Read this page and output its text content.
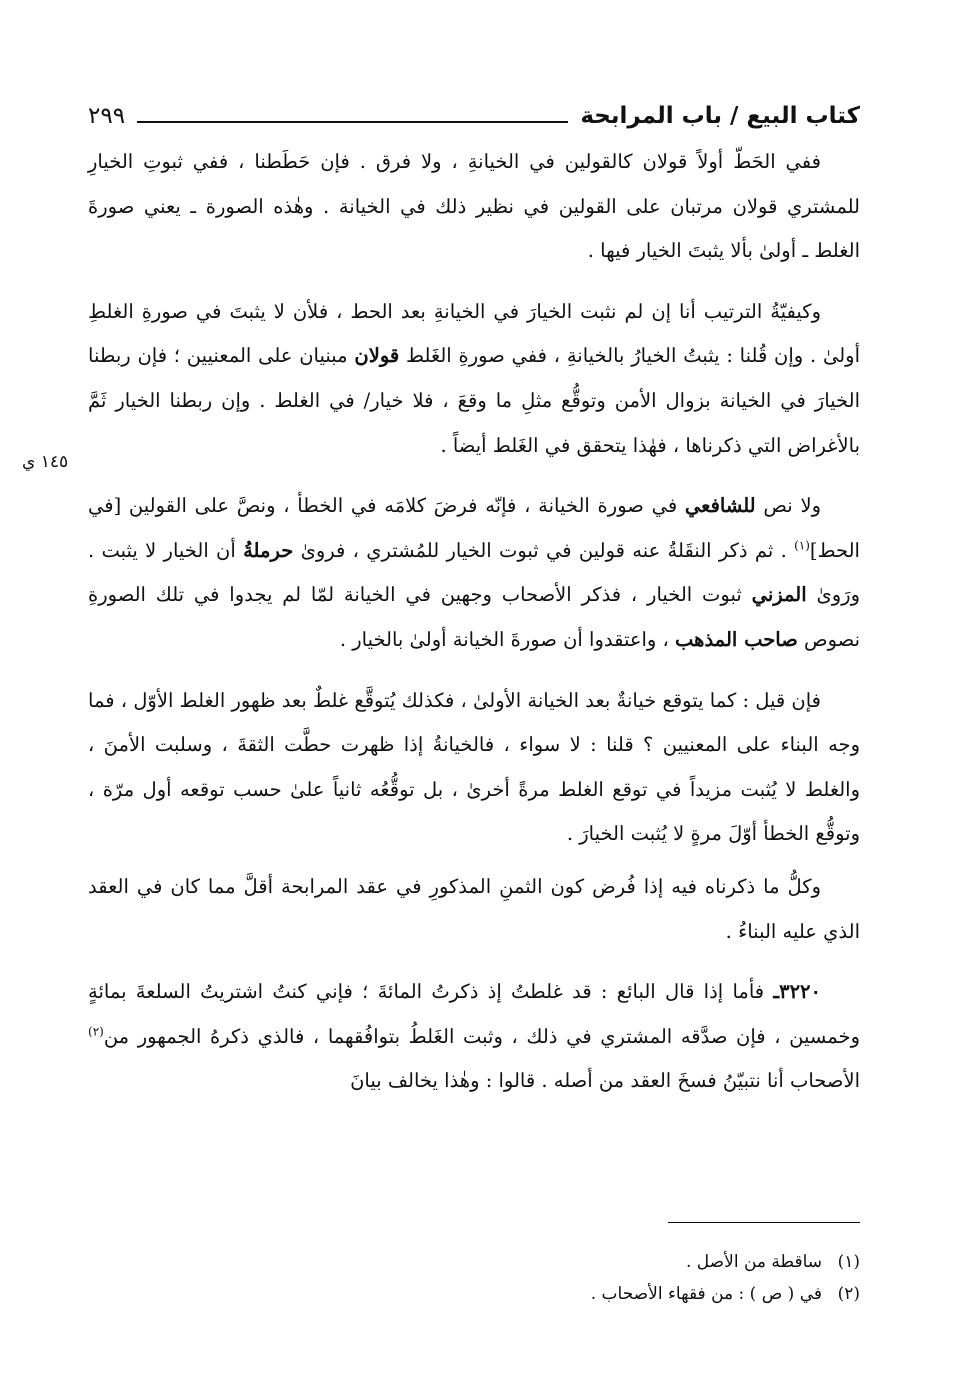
كتاب البيع / باب المرابحة
٢٩٩
١٤٥ ي

ففي الحَطّ أولاً قولان كالقولين في الخيانةِ ، ولا فرق . فإن حَطَطنا ، ففي ثبوتِ الخيارِ للمشتري قولان مرتبان على القولين في نظير ذلك في الخيانة . وهٰذه الصورة ـ يعني صورةَ الغلط ـ أولىٰ بألا يثبتَ الخيار فيها .

وكيفيّةُ الترتيب أنا إن لم نثبت الخيارَ في الخيانةِ بعد الحط ، فلأن لا يثبتَ في صورةِ الغلطِ أولىٰ . وإن قُلنا : يثبتُ الخيارُ بالخيانةِ ، ففي صورةِ الغَلط قولان مبنيان على المعنيين ؛ فإن ربطنا الخيارَ في الخيانة بزوال الأمن وتوقُّع مثلِ ما وقعَ ، فلا خيار/ في الغلط . وإن ربطنا الخيار ثَمَّ بالأغراض التي ذكرناها ، فهٰذا يتحقق في الغَلط أيضاً .

ولا نص للشافعي في صورة الخيانة ، فإنّه فرضَ كلامَه في الخطأ ، ونصَّ على القولين [في الحط]$^{(١)}$ . ثم ذكر النقَلةُ عنه قولين في ثبوت الخيار للمُشتري ، فروىٰ حرملةُ أن الخيار لا يثبت . ورَوىٰ المزني ثبوت الخيار ، فذكر الأصحاب وجهين في الخيانة لمّا لم يجدوا في تلك الصورةِ نصوص صاحب المذهب ، واعتقدوا أن صورةَ الخيانة أولىٰ بالخيار .

فإن قيل : كما يتوقع خيانةٌ بعد الخيانة الأولىٰ ، فكذلك يُتوقَّع غلطٌ بعد ظهور الغلط الأوّل ، فما وجه البناء على المعنيين ؟ قلنا : لا سواء ، فالخيانةُ إذا ظهرت حطَّت الثقةَ ، وسلبت الأمنَ ، والغلط لا يُثبت مزيداً في توقع الغلط مرةً أخرىٰ ، بل توقُّعُه ثانياً علىٰ حسب توقعه أول مرّة ، وتوقُّع الخطأ أوّلَ مرةٍ لا يُثبت الخيارَ .

وكلُّ ما ذكرناه فيه إذا فُرض كون الثمنِ المذكورِ في عقد المرابحة أقلَّ مما كان في العقد الذي عليه البناءُ .

٣٢٢٠ـ فأما إذا قال البائع : قد غلطتُ إذ ذكرتُ المائةَ ؛ فإني كنتُ اشتريتُ السلعةَ بمائةٍ وخمسين ، فإن صدَّقه المشتري في ذلك ، وثبت الغَلطُ بتوافُقهما ، فالذي ذكرهُ الجمهور من$^{(٢)}$ الأصحاب أنا نتبيّنُ فسخَ العقد من أصله . قالوا : وهٰذا يخالف بيانَ

(١)
ساقطة من الأصل .
(٢)
في ( ص ) : من فقهاء الأصحاب .
